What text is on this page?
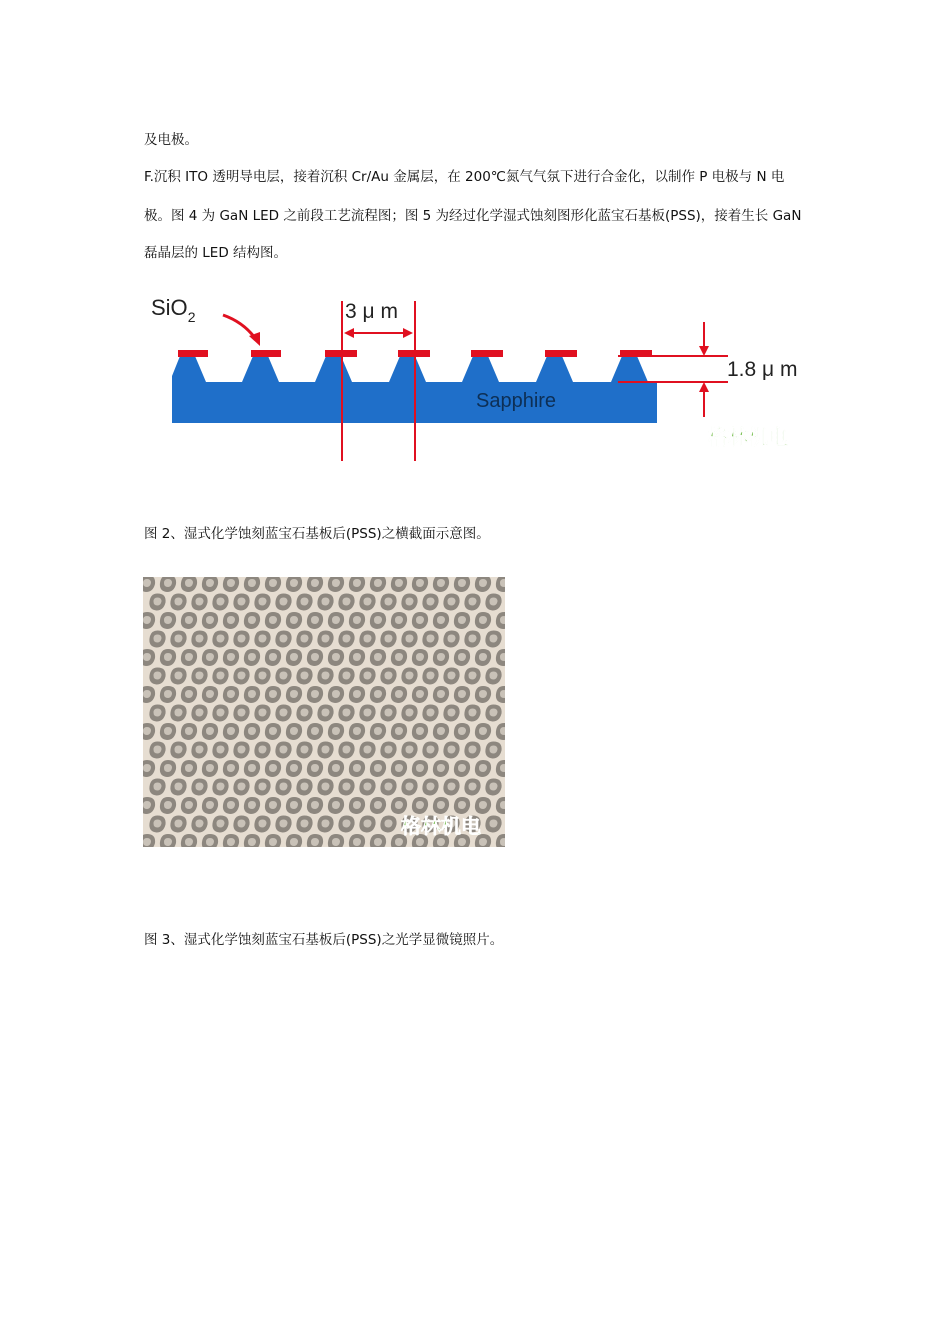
及电极。
F.沉积 ITO 透明导电层，接着沉积 Cr/Au 金属层，在 200℃氮气气氛下进行合金化，以制作 P 电极与 N 电
极。图 4 为 GaN LED 之前段工艺流程图；图 5 为经过化学湿式蚀刻图形化蓝宝石基板(PSS)，接着生长 GaN
磊晶层的 LED 结构图。
SiO$_2$	3 μ m
1.8 μ m
Sapphire
格林机电
图 2、湿式化学蚀刻蓝宝石基板后(PSS)之横截面示意图。
格林机电
图 3、湿式化学蚀刻蓝宝石基板后(PSS)之光学显微镜照片。
